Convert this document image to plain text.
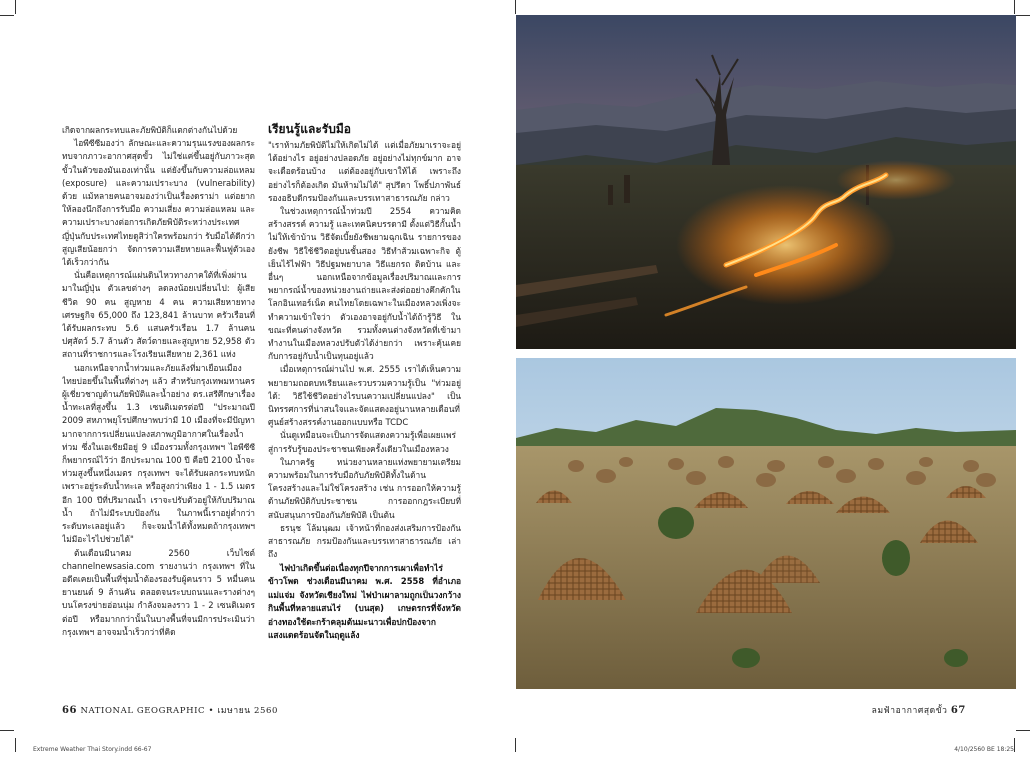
เกิดจากผลกระทบและภัยพิบัติก็แตกต่างกันไปด้วย

ไอพีซีซีมองว่า ลักษณะและความรุนแรงของผลกระทบจากภาวะอากาศสุดขั้ว ไม่ใช่แค่ขึ้นอยู่กับภาวะสุดขั้วในตัวของมันเองเท่านั้น แต่ยังขึ้นกับความล่อแหลม (exposure) และความเปราะบาง (vulnerability) ด้วย แม้หลายคนอาจมองว่าเป็นเรื่องดราม่า แต่อยากให้ลองนึกถึงการรับมือ ความเสี่ยง ความล่อแหลม และความเปราะบางต่อการเกิดภัยพิบัติระหว่างประเทศญี่ปุ่นกับประเทศไทยดูสิว่าใครพร้อมกว่า รับมือได้ดีกว่า สูญเสียน้อยกว่า จัดการความเสียหายและฟื้นฟูตัวเองได้เร็วกว่ากัน

นั่นคือเหตุการณ์แผ่นดินไหวทางภาคใต้ที่เพิ่งผ่านมาในญี่ปุ่น ตัวเลขต่างๆ ลดลงน้อยเปลี่ยนไป: ผู้เสียชีวิต 90 คน สูญหาย 4 คน ความเสียหายทางเศรษฐกิจ 65,000 ถึง 123,841 ล้านบาท ครัวเรือนที่ได้รับผลกระทบ 5.6 แสนครัวเรือน 1.7 ล้านคน ปศุสัตว์ 5.7 ล้านตัว สัตว์ตายและสูญหาย 52,958 ตัว สถานที่ราชการและโรงเรียนเสียหาย 2,361 แห่ง

นอกเหนือจากน้ำท่วมและภัยแล้งที่มาเยือนเมืองไทยบ่อยขึ้นในพื้นที่ต่างๆ แล้ว สำหรับกรุงเทพมหานคร ผู้เชี่ยวชาญด้านภัยพิบัติและน้ำอย่าง ดร.เสรีศึกษาเรื่องน้ำทะเลที่สูงขึ้น 1.3 เซนติเมตรต่อปี "ประมาณปี 2009 สหภาพยุโรปศึกษาพบว่ามี 10 เมืองที่จะมีปัญหามากจากการเปลี่ยนแปลงสภาพภูมิอากาศในเรื่องน้ำท่วม ซึ่งในเอเชียมีอยู่ 9 เมืองรวมทั้งกรุงเทพฯ ไอพีซีซีก็พยากรณ์ไว้ว่า อีกประมาณ 100 ปี คือปี 2100 น้ำจะท่วมสูงขึ้นหนึ่งเมตร กรุงเทพฯ จะได้รับผลกระทบหนักเพราะอยู่ระดับน้ำทะเล หรือสูงกว่าเพียง 1 - 1.5 เมตร อีก 100 ปีที่ปริมาณน้ำ เราจะปรับตัวอยู่ให้กับปริมาณน้ำ ถ้าไม่มีระบบป้องกัน ในภาพนี้เราอยู่ต่ำกว่าระดับทะเลอยู่แล้ว ก็จะจมน้ำได้ทั้งหมดถ้ากรุงเทพฯ ไม่มีอะไรไปช่วยได้"

ต้นเดือนมีนาคม 2560 เว็บไซต์ channelnewsasia.com รายงานว่า กรุงเทพฯ ที่ในอดีตเคยเป็นพื้นที่ชุ่มน้ำต้องรองรับผู้คนราว 5 หมื่นคน ยานยนต์ 9 ล้านคัน ตลอดจนระบบถนนและรางต่างๆ บนโครงข่ายอ่อนนุ่ม กำลังจมลงราว 1 - 2 เซนติเมตรต่อปี หรือมากกว่านั้นในบางพื้นที่จนมีการประเมินว่า กรุงเทพฯ อาจจมน้ำเร็วกว่าที่คิด

เรียนรู้และรับมือ

"เราห้ามภัยพิบัติไม่ให้เกิดไม่ได้ แต่เมื่อภัยมาเราจะอยู่ได้อย่างไร อยู่อย่างปลอดภัย อยู่อย่างไม่ทุกข์มาก อาจจะเดือดร้อนบ้าง แต่ต้องอยู่กับเขาให้ได้ เพราะถึงอย่างไรก็ต้องเกิด มันห้ามไม่ได้" สุปรีดา โพธิ์ปภาพันธ์ รองอธิบดีกรมป้องกันและบรรเทาสาธารณภัย กล่าว

ในช่วงเหตุการณ์น้ำท่วมปี 2554 ความคิดสร้างสรรค์ ความรู้ และเทคนิคบรรดามี ตั้งแต่วิธีกั้นน้ำไม่ให้เข้าบ้าน วิธีจัดเบี้ยยังชีพยามฉุกเฉิน รายการของยังชีพ วิธีใช้ชีวิตอยู่บนชั้นสอง วิธีทำส้วมเฉพาะกิจ ตู้เย็นไร้ไฟฟ้า วิธีปฐมพยาบาล วิธีแยกรถ ติดบ้าน และอื่นๆ นอกเหนือจากข้อมูลเรื่องปริมาณและการพยากรณ์น้ำของหน่วยงานถ่ายและส่งต่ออย่างคึกคักในโลกอินเทอร์เน็ต คนไทยโดยเฉพาะในเมืองหลวงเพิ่งจะทำความเข้าใจว่า ตัวเองอาจอยู่กับน้ำได้ถ้ารู้วิธี ในขณะที่คนต่างจังหวัด รวมทั้งคนต่างจังหวัดที่เข้ามาทำงานในเมืองหลวงปรับตัวได้ง่ายกว่า เพราะคุ้นเคยกับการอยู่กับน้ำเป็นทุนอยู่แล้ว

เมื่อเหตุการณ์ผ่านไป พ.ศ. 2555 เราได้เห็นความพยายามถอดบทเรียนและรวบรวมความรู้เป็น "ท่วมอยู่ ได้: วิธีใช้ชีวิตอย่างไรบนความเปลี่ยนแปลง" เป็นนิทรรศการที่น่าสนใจและจัดแสดงอยู่นานหลายเดือนที่ศูนย์สร้างสรรค์งานออกแบบหรือ TCDC

นั่นดูเหมือนจะเป็นการจัดแสดงความรู้เพื่อเผยแพร่สู่การรับรู้ของประชาชนเพียงครั้งเดียวในเมืองหลวง

ในภาครัฐ หน่วยงานหลายแห่งพยายามเตรียมความพร้อมในการรับมือกับภัยพิบัติทั้งในด้านโครงสร้างและไม่ใช่โครงสร้าง เช่น การออกให้ความรู้ด้านภัยพิบัติกับประชาชน การออกกฎระเบียบที่สนับสนุนการป้องกันภัยพิบัติ เป็นต้น

ธรนุช โล้มนุฒม เจ้าหน้าที่กองส่งเสริมการป้องกันสาธารณภัย กรมป้องกันและบรรเทาสาธารณภัย เล่าถึง

ไฟป่าเกิดขึ้นต่อเนื่องทุกปีจากการเผาเพื่อทำไร่ข้าวโพด ช่วงเดือนมีนาคม พ.ศ. 2558 ที่อำเภอแม่แจ่ม จังหวัดเชียงใหม่ ไฟป่าเผาลามถูกเป็นวงกว้างกินพื้นที่หลายแสนไร่ (บนสุด) เกษตรกรที่จังหวัดอ่างทองใช้ตะกร้าคลุมต้นมะนาวเพื่อปกป้องจากแสงแดดร้อนจัดในฤดูแล้ง

66 NATIONAL GEOGRAPHIC • เมษายน 2560	ลมฟ้าอากาศสุดขั้ว 67
Extreme Weather Thai Story.indd 66-67	4/10/2560 BE 18:25
